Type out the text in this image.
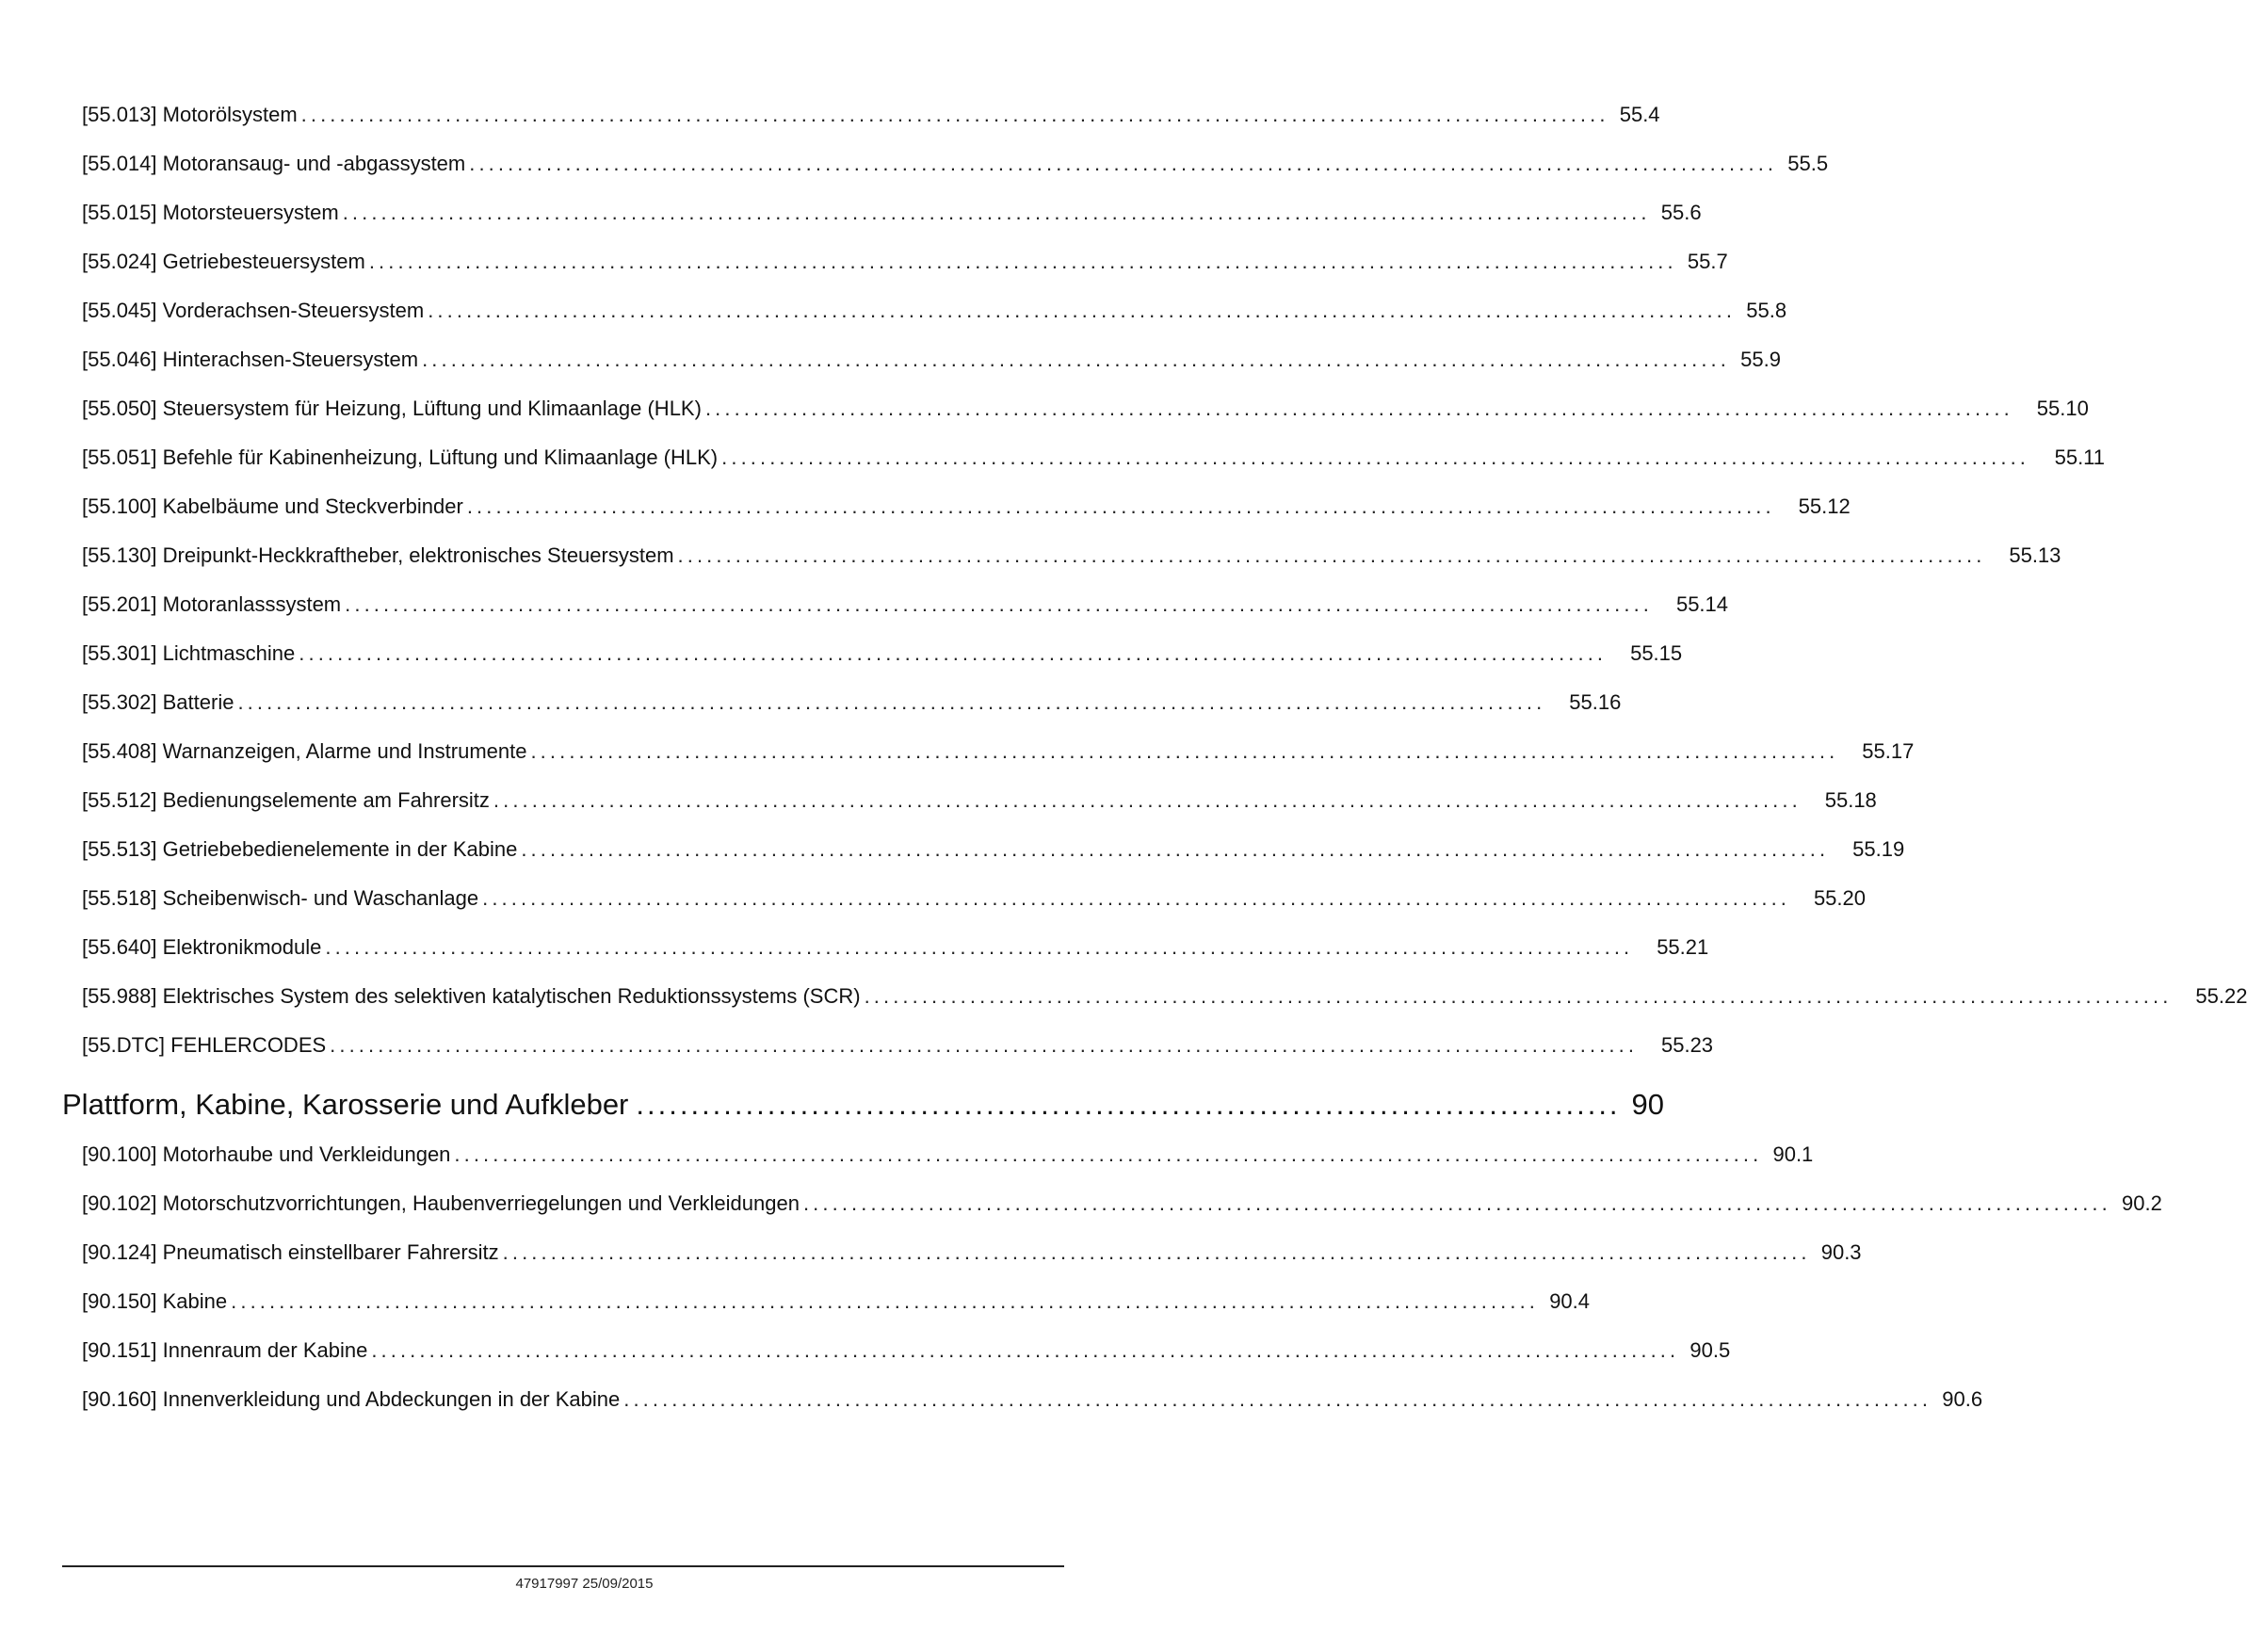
[55.013] Motorölsystem ........................................................................................................................................ 55.4
[55.014] Motoransaug- und -abgassystem ........................................................................................................................................ 55.5
[55.015] Motorsteuersystem ........................................................................................................................................ 55.6
[55.024] Getriebesteuersystem ........................................................................................................................................ 55.7
[55.045] Vorderachsen-Steuersystem ........................................................................................................................................ 55.8
[55.046] Hinterachsen-Steuersystem ........................................................................................................................................ 55.9
[55.050] Steuersystem für Heizung, Lüftung und Klimaanlage (HLK) ........................................................................................................................................	55.10
[55.051] Befehle für Kabinenheizung, Lüftung und Klimaanlage (HLK) ........................................................................................................................................	55.11
[55.100] Kabelbäume und Steckverbinder ........................................................................................................................................	55.12
[55.130] Dreipunkt-Heckkraftheber, elektronisches Steuersystem ........................................................................................................................................	55.13
[55.201] Motoranlasssystem ........................................................................................................................................	55.14
[55.301] Lichtmaschine ........................................................................................................................................	55.15
[55.302] Batterie ........................................................................................................................................	55.16
[55.408] Warnanzeigen, Alarme und Instrumente ........................................................................................................................................	55.17
[55.512] Bedienungselemente am Fahrersitz ........................................................................................................................................	55.18
[55.513] Getriebebedienelemente in der Kabine ........................................................................................................................................	55.19
[55.518] Scheibenwisch- und Waschanlage ........................................................................................................................................	55.20
[55.640] Elektronikmodule ........................................................................................................................................	55.21
[55.988] Elektrisches System des selektiven katalytischen Reduktionssystems (SCR) ........................................................................................................................................	55.22
[55.DTC] FEHLERCODES ........................................................................................................................................	55.23
Plattform, Kabine, Karosserie und Aufkleber .......................................................................................... 90
[90.100] Motorhaube und Verkleidungen ........................................................................................................................................ 90.1
[90.102] Motorschutzvorrichtungen, Haubenverriegelungen und Verkleidungen ........................................................................................................................................ 90.2
[90.124] Pneumatisch einstellbarer Fahrersitz ........................................................................................................................................ 90.3
[90.150] Kabine ........................................................................................................................................ 90.4
[90.151] Innenraum der Kabine ........................................................................................................................................ 90.5
[90.160] Innenverkleidung und Abdeckungen in der Kabine ........................................................................................................................................ 90.6
47917997 25/09/2015
